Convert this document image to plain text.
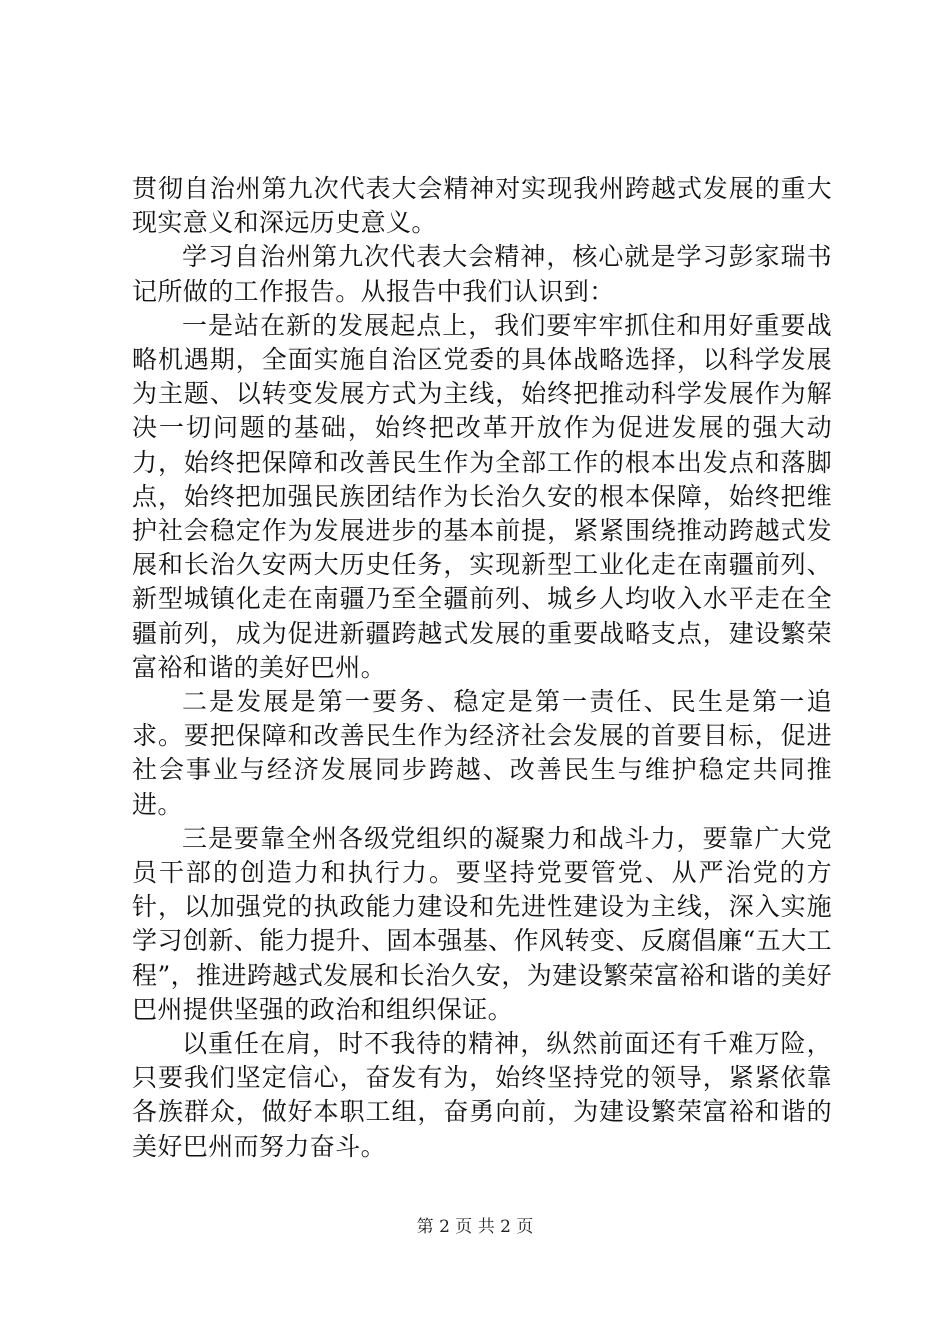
贯彻自治州第九次代表大会精神对实现我州跨越式发展的重大现实意义和深远历史意义。

学习自治州第九次代表大会精神，核心就是学习彭家瑞书记所做的工作报告。从报告中我们认识到：

一是站在新的发展起点上，我们要牢牢抓住和用好重要战略机遇期，全面实施自治区党委的具体战略选择，以科学发展为主题、以转变发展方式为主线，始终把推动科学发展作为解决一切问题的基础，始终把改革开放作为促进发展的强大动力，始终把保障和改善民生作为全部工作的根本出发点和落脚点，始终把加强民族团结作为长治久安的根本保障，始终把维护社会稳定作为发展进步的基本前提，紧紧围绕推动跨越式发展和长治久安两大历史任务，实现新型工业化走在南疆前列、新型城镇化走在南疆乃至全疆前列、城乡人均收入水平走在全疆前列，成为促进新疆跨越式发展的重要战略支点，建设繁荣富裕和谐的美好巴州。

二是发展是第一要务、稳定是第一责任、民生是第一追求。要把保障和改善民生作为经济社会发展的首要目标，促进社会事业与经济发展同步跨越、改善民生与维护稳定共同推进。

三是要靠全州各级党组织的凝聚力和战斗力，要靠广大党员干部的创造力和执行力。要坚持党要管党、从严治党的方针，以加强党的执政能力建设和先进性建设为主线，深入实施学习创新、能力提升、固本强基、作风转变、反腐倡廉“五大工程”，推进跨越式发展和长治久安，为建设繁荣富裕和谐的美好巴州提供坚强的政治和组织保证。

以重任在肩，时不我待的精神，纵然前面还有千难万险，只要我们坚定信心，奋发有为，始终坚持党的领导，紧紧依靠各族群众，做好本职工组，奋勇向前，为建设繁荣富裕和谐的美好巴州而努力奋斗。

第 2 页 共 2 页
